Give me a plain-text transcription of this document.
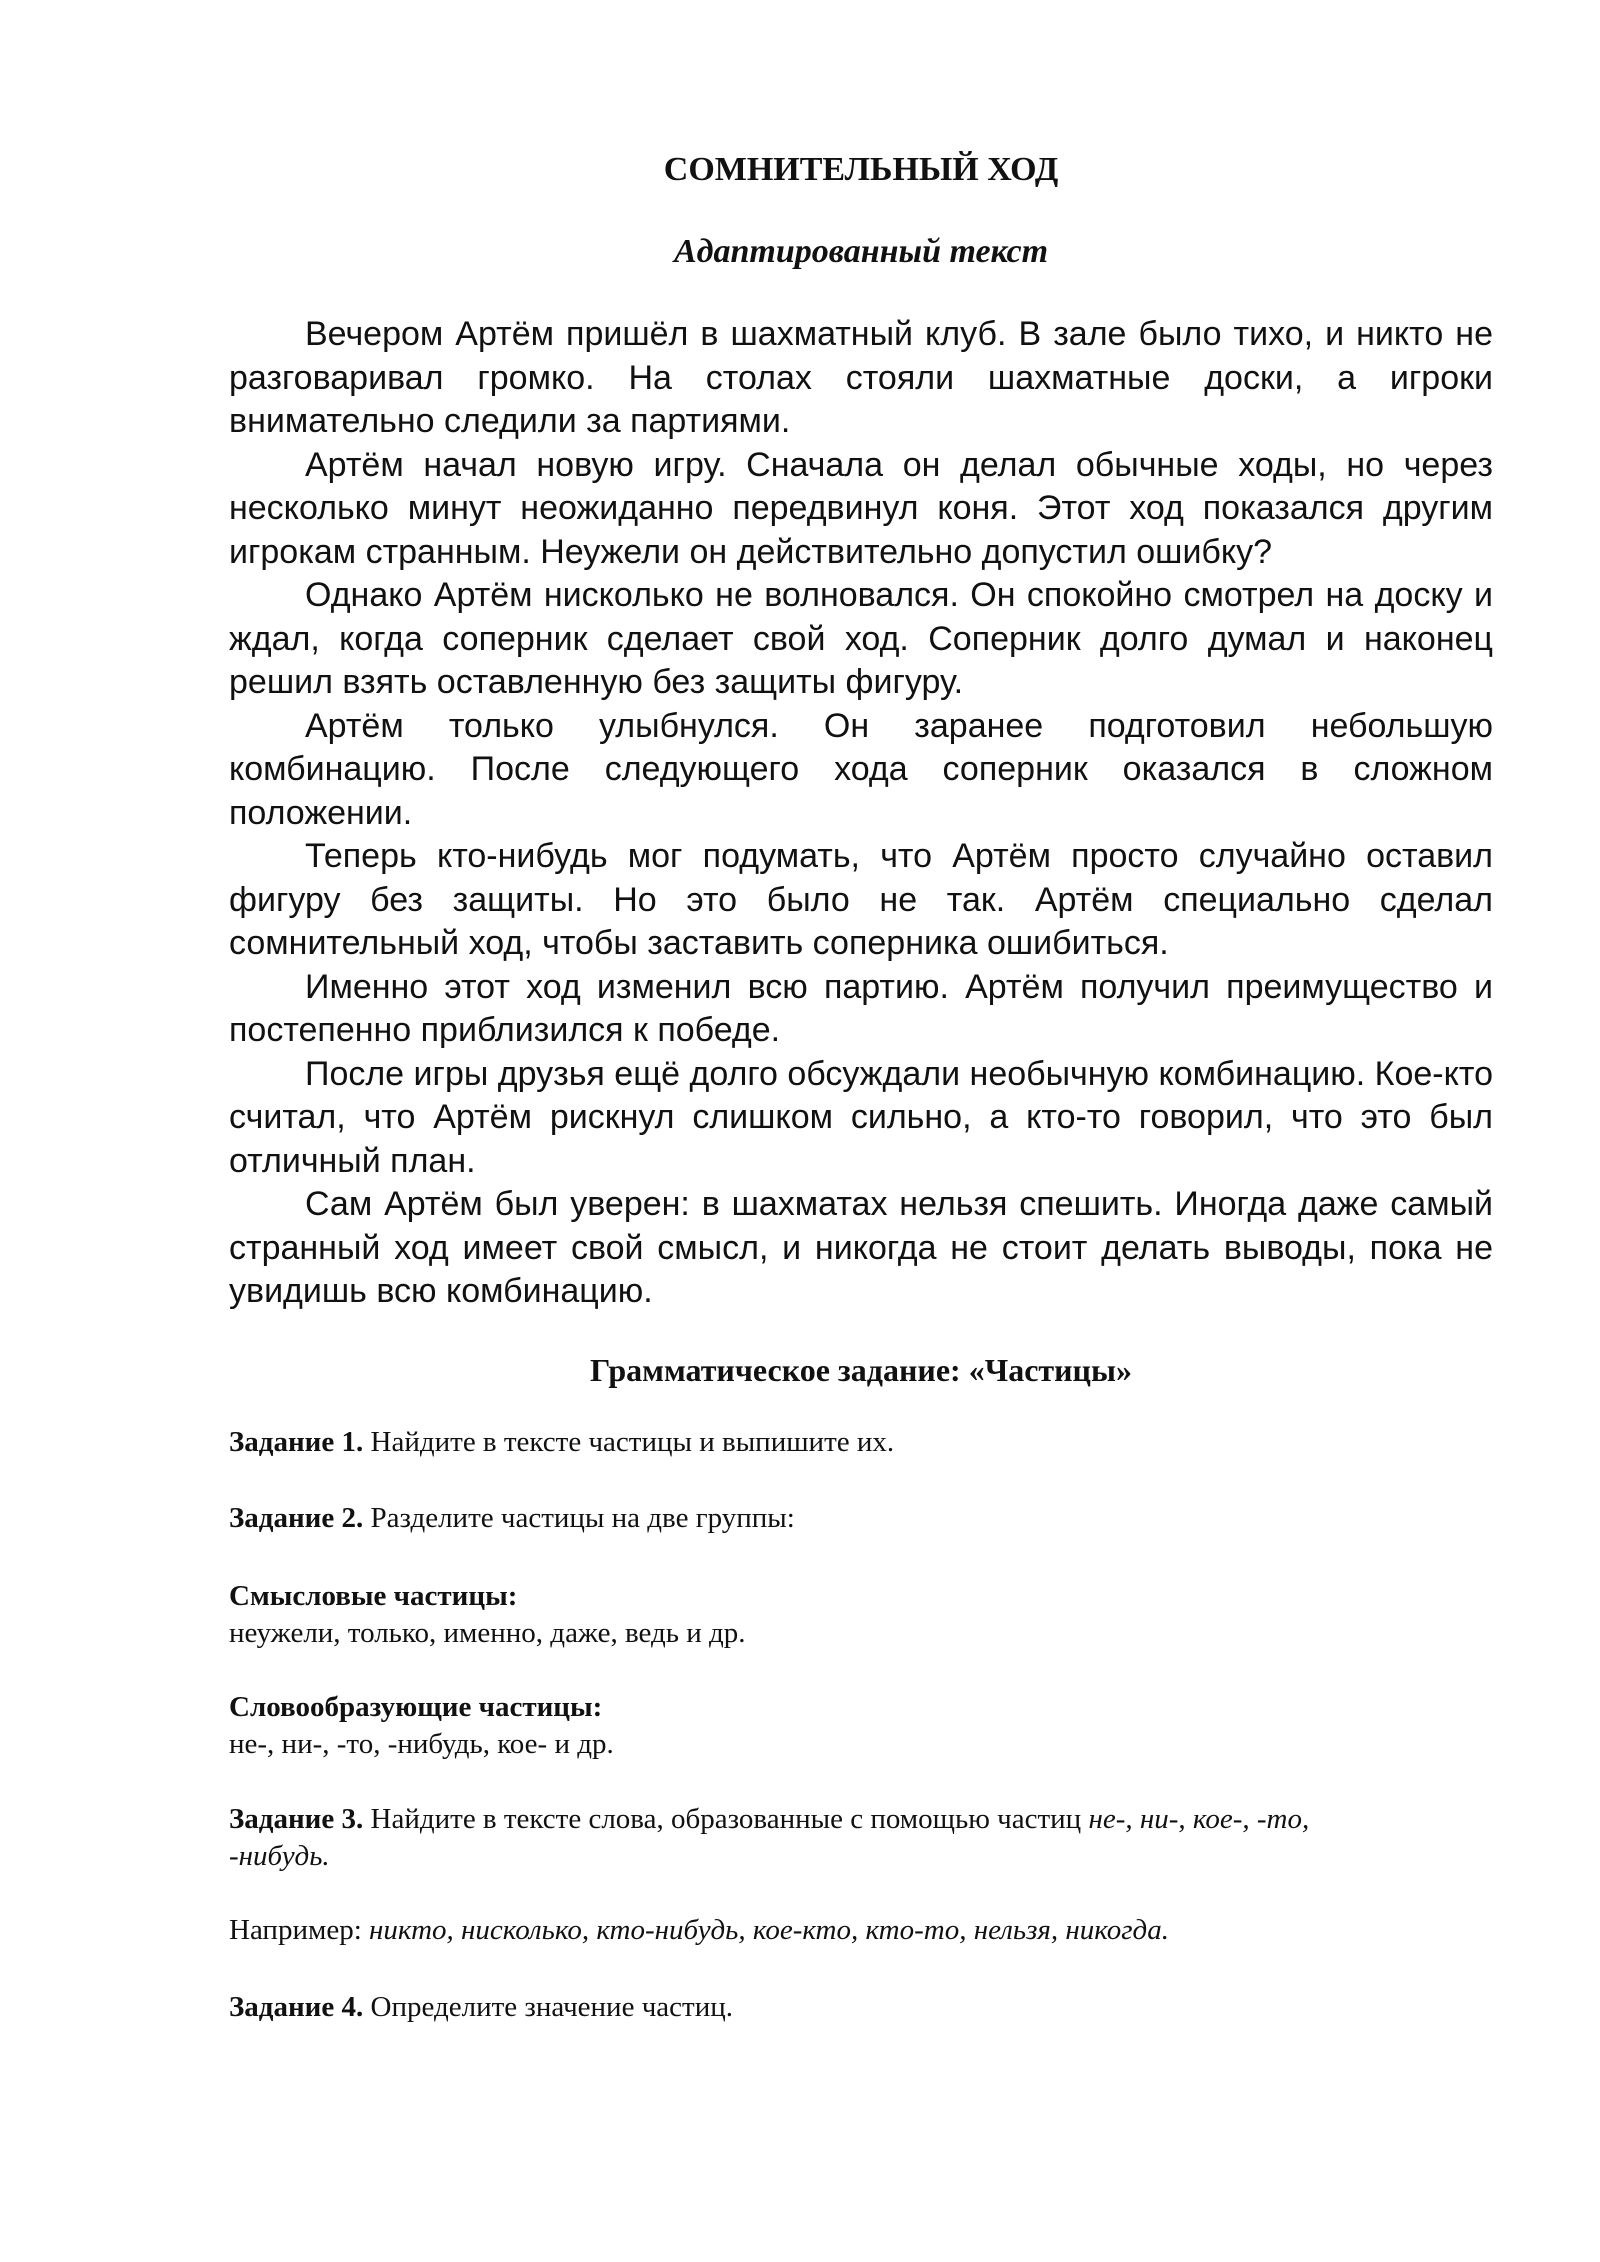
СОМНИТЕЛЬНЫЙ ХОД
Адаптированный текст

Вечером Артём пришёл в шахматный клуб. В зале было тихо, и никто не разговаривал громко. На столах стояли шахматные доски, а игроки внимательно следили за партиями.

Артём начал новую игру. Сначала он делал обычные ходы, но через несколько минут неожиданно передвинул коня. Этот ход показался другим игрокам странным. Неужели он действительно допустил ошибку?

Однако Артём нисколько не волновался. Он спокойно смотрел на доску и ждал, когда соперник сделает свой ход. Соперник долго думал и наконец решил взять оставленную без защиты фигуру.

Артём только улыбнулся. Он заранее подготовил небольшую комбинацию. После следующего хода соперник оказался в сложном положении.

Теперь кто-нибудь мог подумать, что Артём просто случайно оставил фигуру без защиты. Но это было не так. Артём специально сделал сомнительный ход, чтобы заставить соперника ошибиться.

Именно этот ход изменил всю партию. Артём получил преимущество и постепенно приблизился к победе.

После игры друзья ещё долго обсуждали необычную комбинацию. Кое-кто считал, что Артём рискнул слишком сильно, а кто-то говорил, что это был отличный план.

Сам Артём был уверен: в шахматах нельзя спешить. Иногда даже самый странный ход имеет свой смысл, и никогда не стоит делать выводы, пока не увидишь всю комбинацию.

Грамматическое задание: «Частицы»

Задание 1. Найдите в тексте частицы и выпишите их.

Задание 2. Разделите частицы на две группы:

Смысловые частицы:
неужели, только, именно, даже, ведь и др.
Словообразующие частицы:
не-, ни-, -то, -нибудь, кое- и др.
Задание 3. Найдите в тексте слова, образованные с помощью частиц не-, ни-, кое-, -то,
-нибудь.

Например: никто, нисколько, кто-нибудь, кое-кто, кто-то, нельзя, никогда.

Задание 4. Определите значение частиц.
